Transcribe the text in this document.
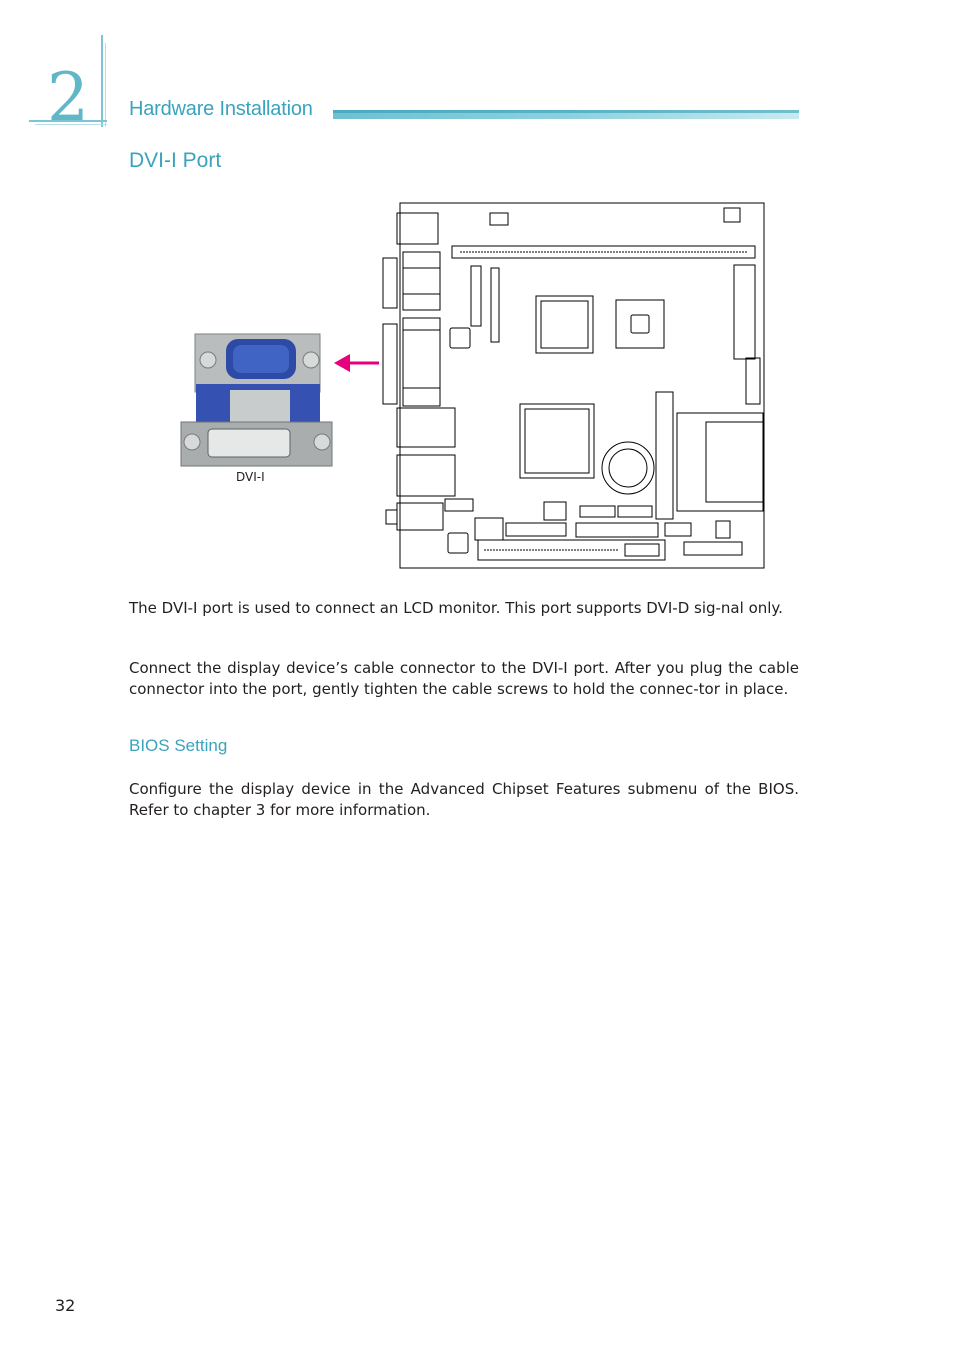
2 Hardware Installation
DVI-I Port
DVI-I

The DVI-I port is used to connect an LCD monitor. This port supports DVI-D sig-nal only.

Connect the display device’s cable connector to the DVI-I port. After you plug the cable connector into the port, gently tighten the cable screws to hold the connec-tor in place.

BIOS Setting

Configure the display device in the Advanced Chipset Features submenu of the BIOS. Refer to chapter 3 for more information.

32
